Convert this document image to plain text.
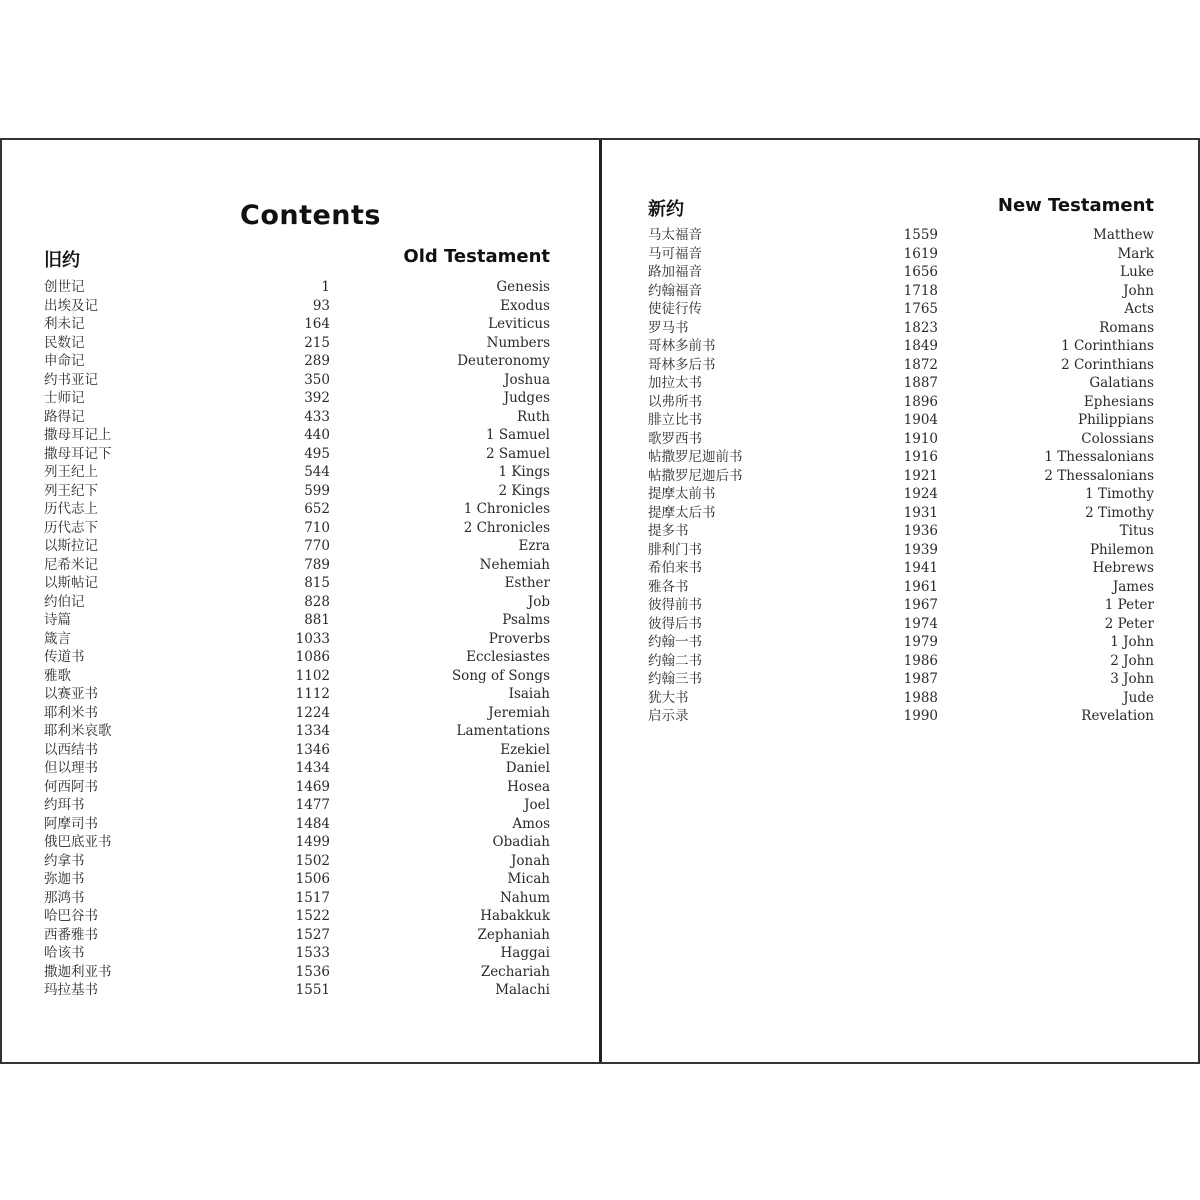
Contents
旧约	Old Testament
创世记	1	Genesis
出埃及记	93	Exodus
利未记	164	Leviticus
民数记	215	Numbers
申命记	289	Deuteronomy
约书亚记	350	Joshua
士师记	392	Judges
路得记	433	Ruth
撒母耳记上	440	1 Samuel
撒母耳记下	495	2 Samuel
列王纪上	544	1 Kings
列王纪下	599	2 Kings
历代志上	652	1 Chronicles
历代志下	710	2 Chronicles
以斯拉记	770	Ezra
尼希米记	789	Nehemiah
以斯帖记	815	Esther
约伯记	828	Job
诗篇	881	Psalms
箴言	1033	Proverbs
传道书	1086	Ecclesiastes
雅歌	1102	Song of Songs
以赛亚书	1112	Isaiah
耶利米书	1224	Jeremiah
耶利米哀歌	1334	Lamentations
以西结书	1346	Ezekiel
但以理书	1434	Daniel
何西阿书	1469	Hosea
约珥书	1477	Joel
阿摩司书	1484	Amos
俄巴底亚书	1499	Obadiah
约拿书	1502	Jonah
弥迦书	1506	Micah
那鸿书	1517	Nahum
哈巴谷书	1522	Habakkuk
西番雅书	1527	Zephaniah
哈该书	1533	Haggai
撒迦利亚书	1536	Zechariah
玛拉基书	1551	Malachi
新约	New Testament
马太福音	1559	Matthew
马可福音	1619	Mark
路加福音	1656	Luke
约翰福音	1718	John
使徒行传	1765	Acts
罗马书	1823	Romans
哥林多前书	1849	1 Corinthians
哥林多后书	1872	2 Corinthians
加拉太书	1887	Galatians
以弗所书	1896	Ephesians
腓立比书	1904	Philippians
歌罗西书	1910	Colossians
帖撒罗尼迦前书	1916	1 Thessalonians
帖撒罗尼迦后书	1921	2 Thessalonians
提摩太前书	1924	1 Timothy
提摩太后书	1931	2 Timothy
提多书	1936	Titus
腓利门书	1939	Philemon
希伯来书	1941	Hebrews
雅各书	1961	James
彼得前书	1967	1 Peter
彼得后书	1974	2 Peter
约翰一书	1979	1 John
约翰二书	1986	2 John
约翰三书	1987	3 John
犹大书	1988	Jude
启示录	1990	Revelation
